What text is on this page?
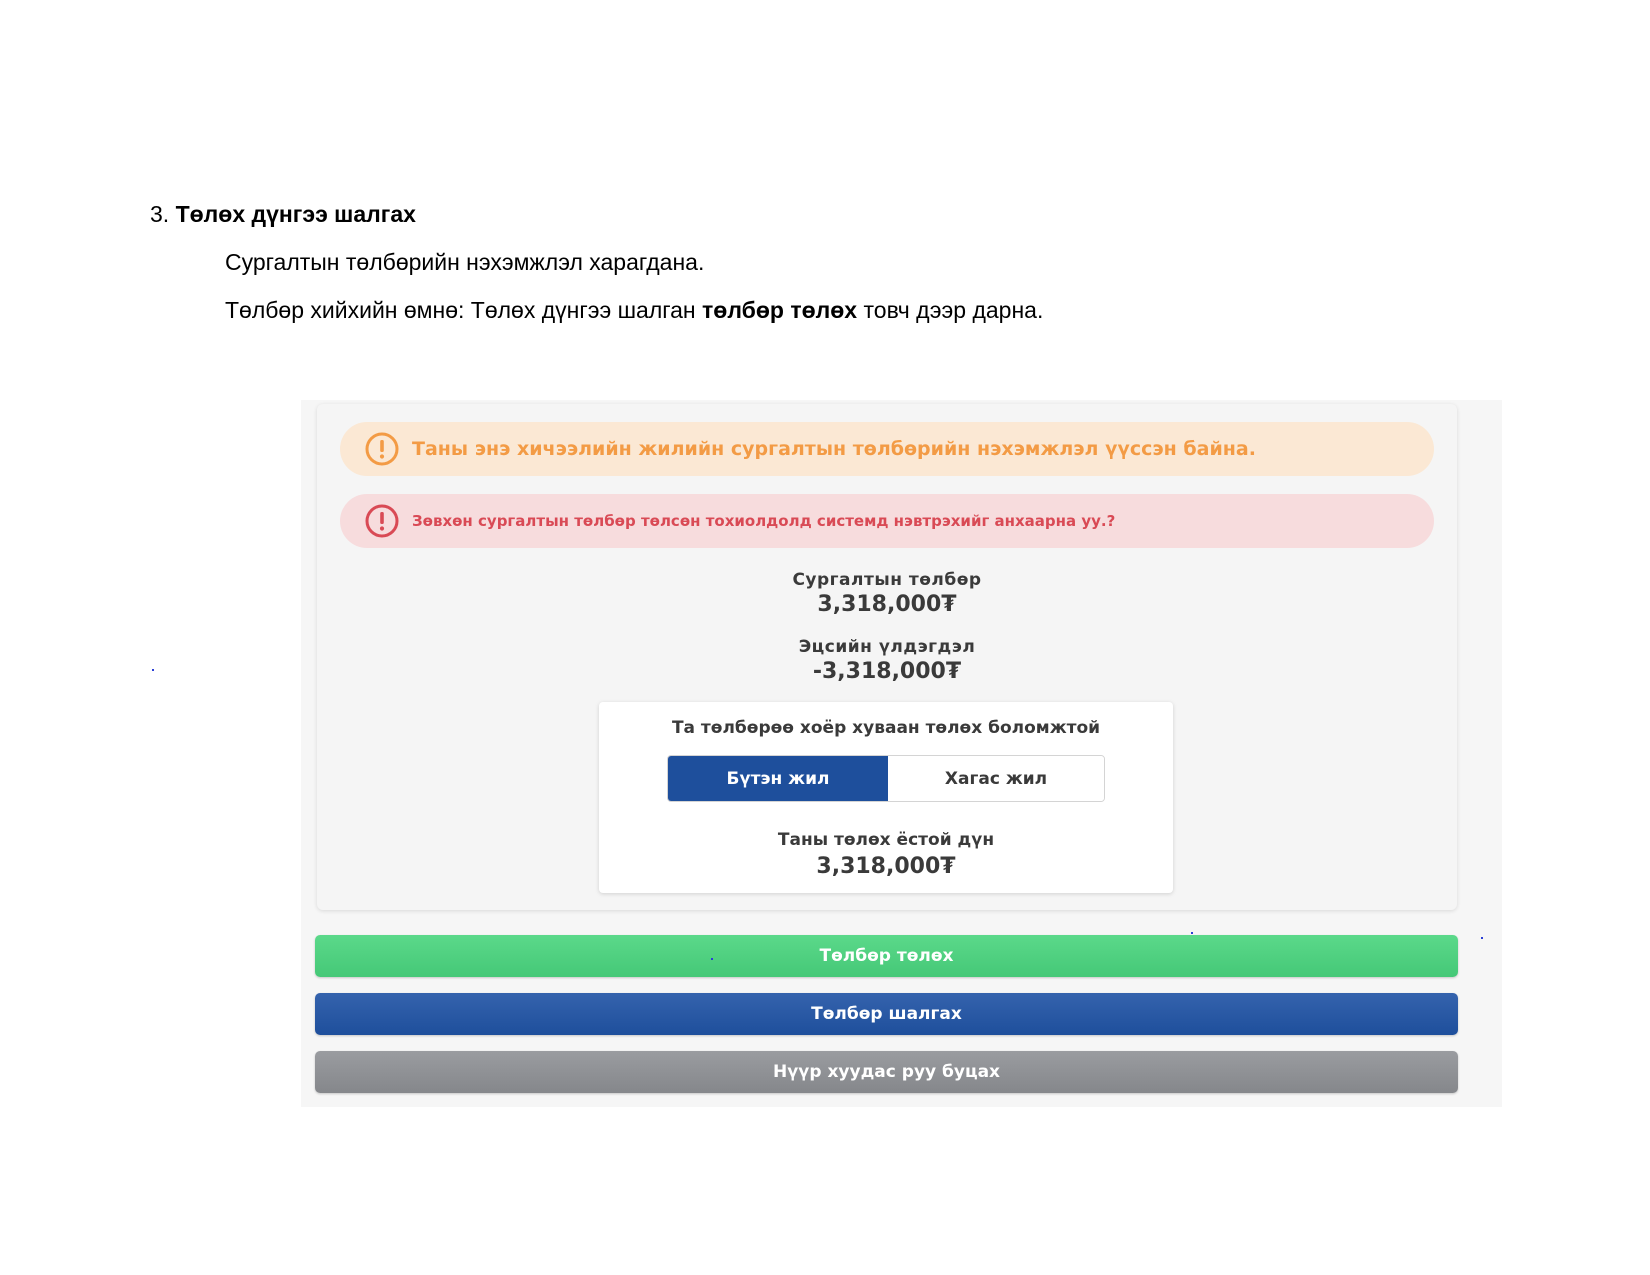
3. Төлөх дүнгээ шалгах
Сургалтын төлбөрийн нэхэмжлэл харагдана.
Төлбөр хийхийн өмнө: Төлөх дүнгээ шалган төлбөр төлөх товч дээр дарна.
Таны энэ хичээлийн жилийн сургалтын төлбөрийн нэхэмжлэл үүссэн байна.
Зөвхөн сургалтын төлбөр төлсөн тохиолдолд системд нэвтрэхийг анхаарна уу.?
Сургалтын төлбөр
3,318,000₮
Эцсийн үлдэгдэл
-3,318,000₮
Та төлбөрөө хоёр хуваан төлөх боломжтой
Бүтэн жил	Хагас жил
Таны төлөх ёстой дүн
3,318,000₮
Төлбөр төлөх
Төлбөр шалгах
Нүүр хуудас руу буцах
